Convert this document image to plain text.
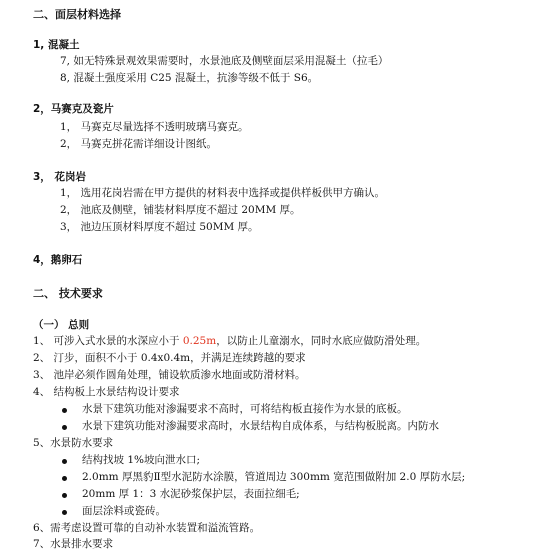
二、面层材料选择
1, 混凝土
7, 如无特殊景观效果需要时，水景池底及侧壁面层采用混凝土（拉毛）
8, 混凝土强度采用 C25 混凝土，抗渗等级不低于 S6。
2，马赛克及瓷片
1， 马赛克尽量选择不透明玻璃马赛克。
2， 马赛克拼花需详细设计图纸。
3， 花岗岩
1， 选用花岗岩需在甲方提供的材料表中选择或提供样板供甲方确认。
2， 池底及侧壁，铺装材料厚度不超过 20MM 厚。
3， 池边压顶材料厚度不超过 50MM 厚。
4，鹅卵石
二、 技术要求
（一） 总则
1、 可涉入式水景的水深应小于 0.25m，以防止儿童溺水，同时水底应做防滑处理。
2、 汀步，面积不小于 0.4x0.4m，并满足连续跨越的要求
3、 池岸必须作圆角处理，铺设软质渗水地面或防滑材料。
4、 结构板上水景结构设计要求
水景下建筑功能对渗漏要求不高时，可将结构板直接作为水景的底板。
水景下建筑功能对渗漏要求高时，水景结构自成体系，与结构板脱离。内防水
5、水景防水要求
结构找坡 1%坡向泄水口;
2.0mm 厚黑豹Ⅱ型水泥防水涂膜，管道周边 300mm 宽范围做附加 2.0 厚防水层;
20mm 厚 1：3 水泥砂浆保护层，表面拉细毛;
面层涂料或瓷砖。
6、需考虑设置可靠的自动补水装置和溢流管路。
7、水景排水要求
